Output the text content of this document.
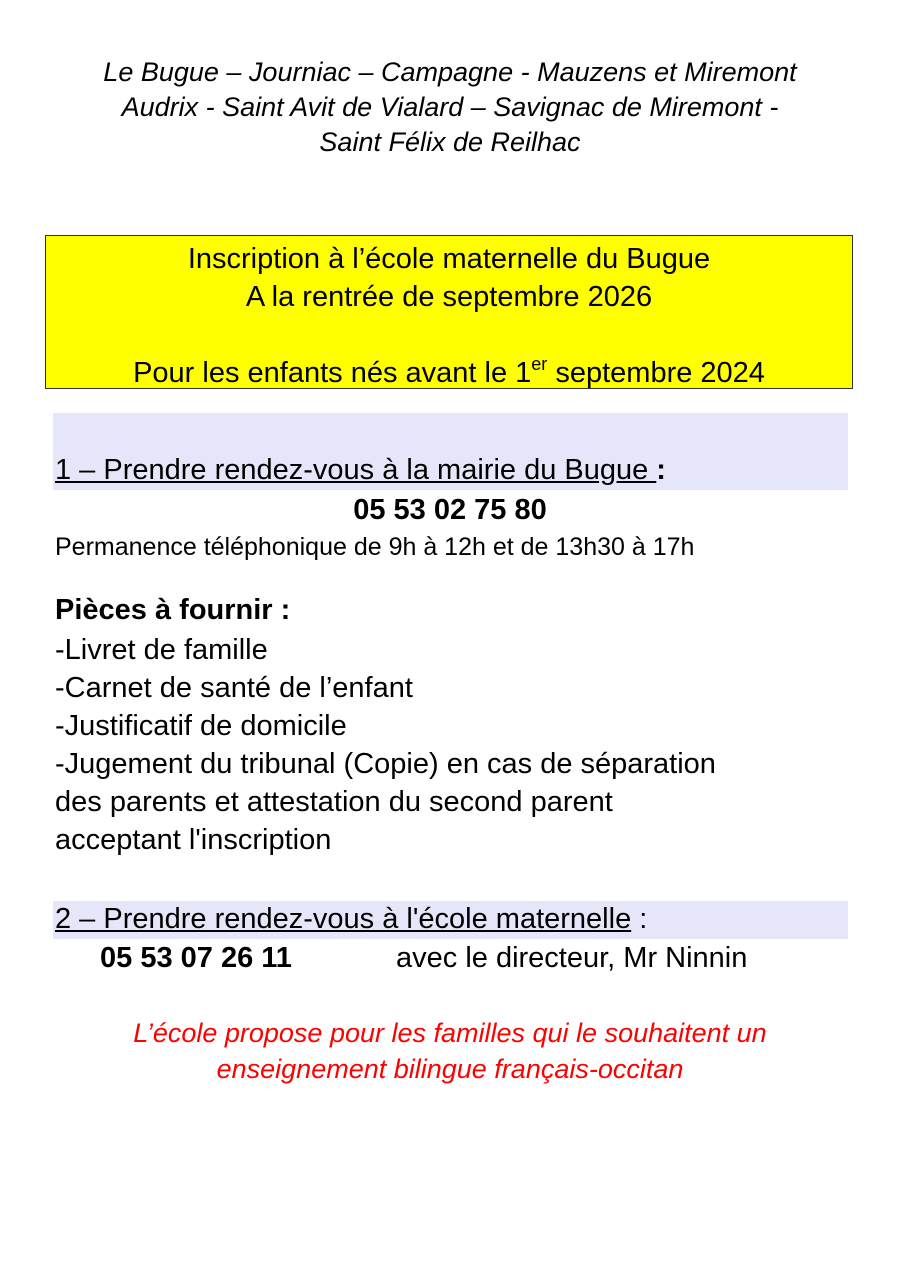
Le Bugue – Journiac – Campagne - Mauzens et Miremont
Audrix - Saint Avit de Vialard – Savignac de Miremont -
Saint Félix de Reilhac
Inscription à l’école maternelle du Bugue
A la rentrée de septembre 2026
Pour les enfants nés avant le 1er septembre 2024
1 – Prendre rendez-vous à la mairie du Bugue :
05 53 02 75 80
Permanence téléphonique de 9h à 12h et de 13h30 à 17h
Pièces à fournir :
-Livret de famille
-Carnet de santé de l’enfant
-Justificatif de domicile
-Jugement du tribunal (Copie) en cas de séparation
des parents et attestation du second parent
acceptant l'inscription
2 – Prendre rendez-vous à l'école maternelle :
05 53 07 26 11	avec le directeur, Mr Ninnin
L’école propose pour les familles qui le souhaitent un
enseignement bilingue français-occitan
